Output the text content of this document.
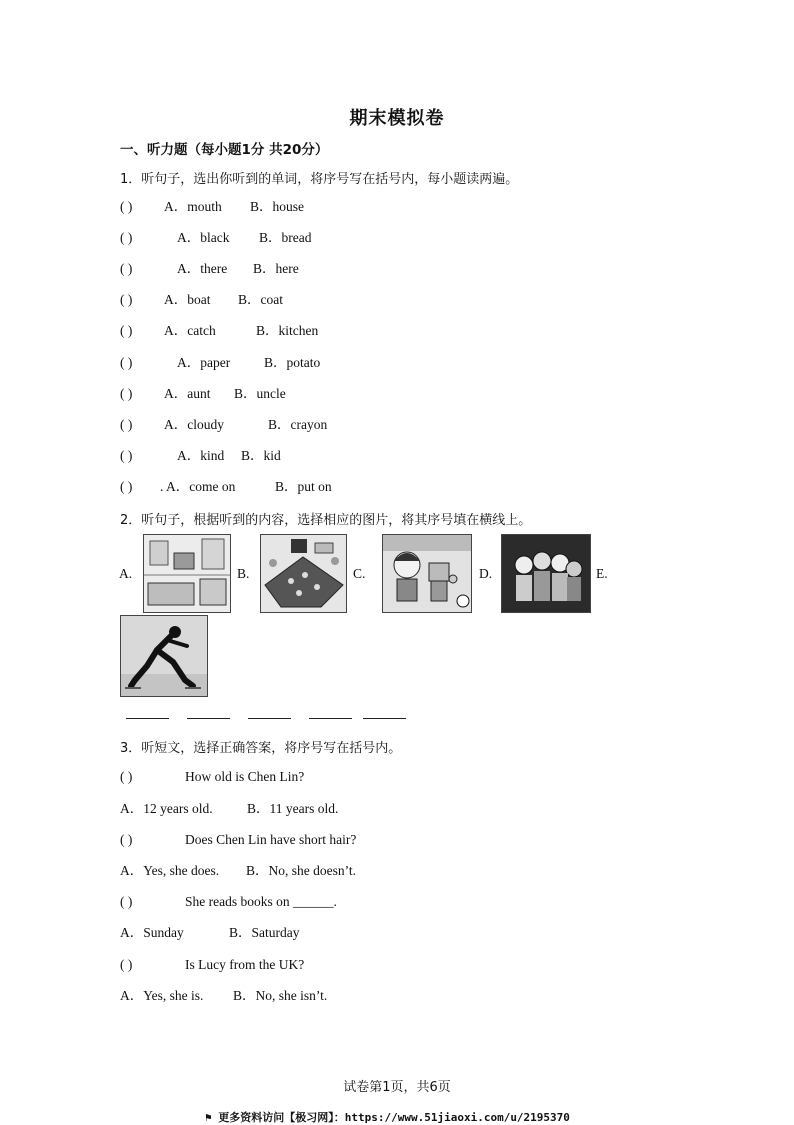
期末模拟卷
一、听力题（每小题1分 共20分）
1．听句子，选出你听到的单词，将序号写在括号内，每小题读两遍。
( ) A．mouth B．house
( )	A．black B．bread
( )	A．there B．here
( ) A．boat B．coat
( ) A．catch	B．kitchen
( )	A．paper	B．potato
( ) A．aunt B．uncle
( ) A．cloudy	B．crayon
( )	A．kind B．kid
( ) . A．come on	B．put on
2．听句子，根据听到的内容，选择相应的图片，将其序号填在横线上。
A.	B.	C.	D.	E.
3．听短文，选择正确答案，将序号写在括号内。
( )	How old is Chen Lin?
A．12 years old.	B．11 years old.
( )	Does Chen Lin have short hair?
A．Yes, she does. B．No, she doesn’t.
( )	She reads books on ______.
A．Sunday	B．Saturday
( )	Is Lucy from the UK?
A．Yes, she is. B．No, she isn’t.
试卷第1页，共6页
⚑ 更多资料访问【极习网】：https://www.51jiaoxi.com/u/2195370
